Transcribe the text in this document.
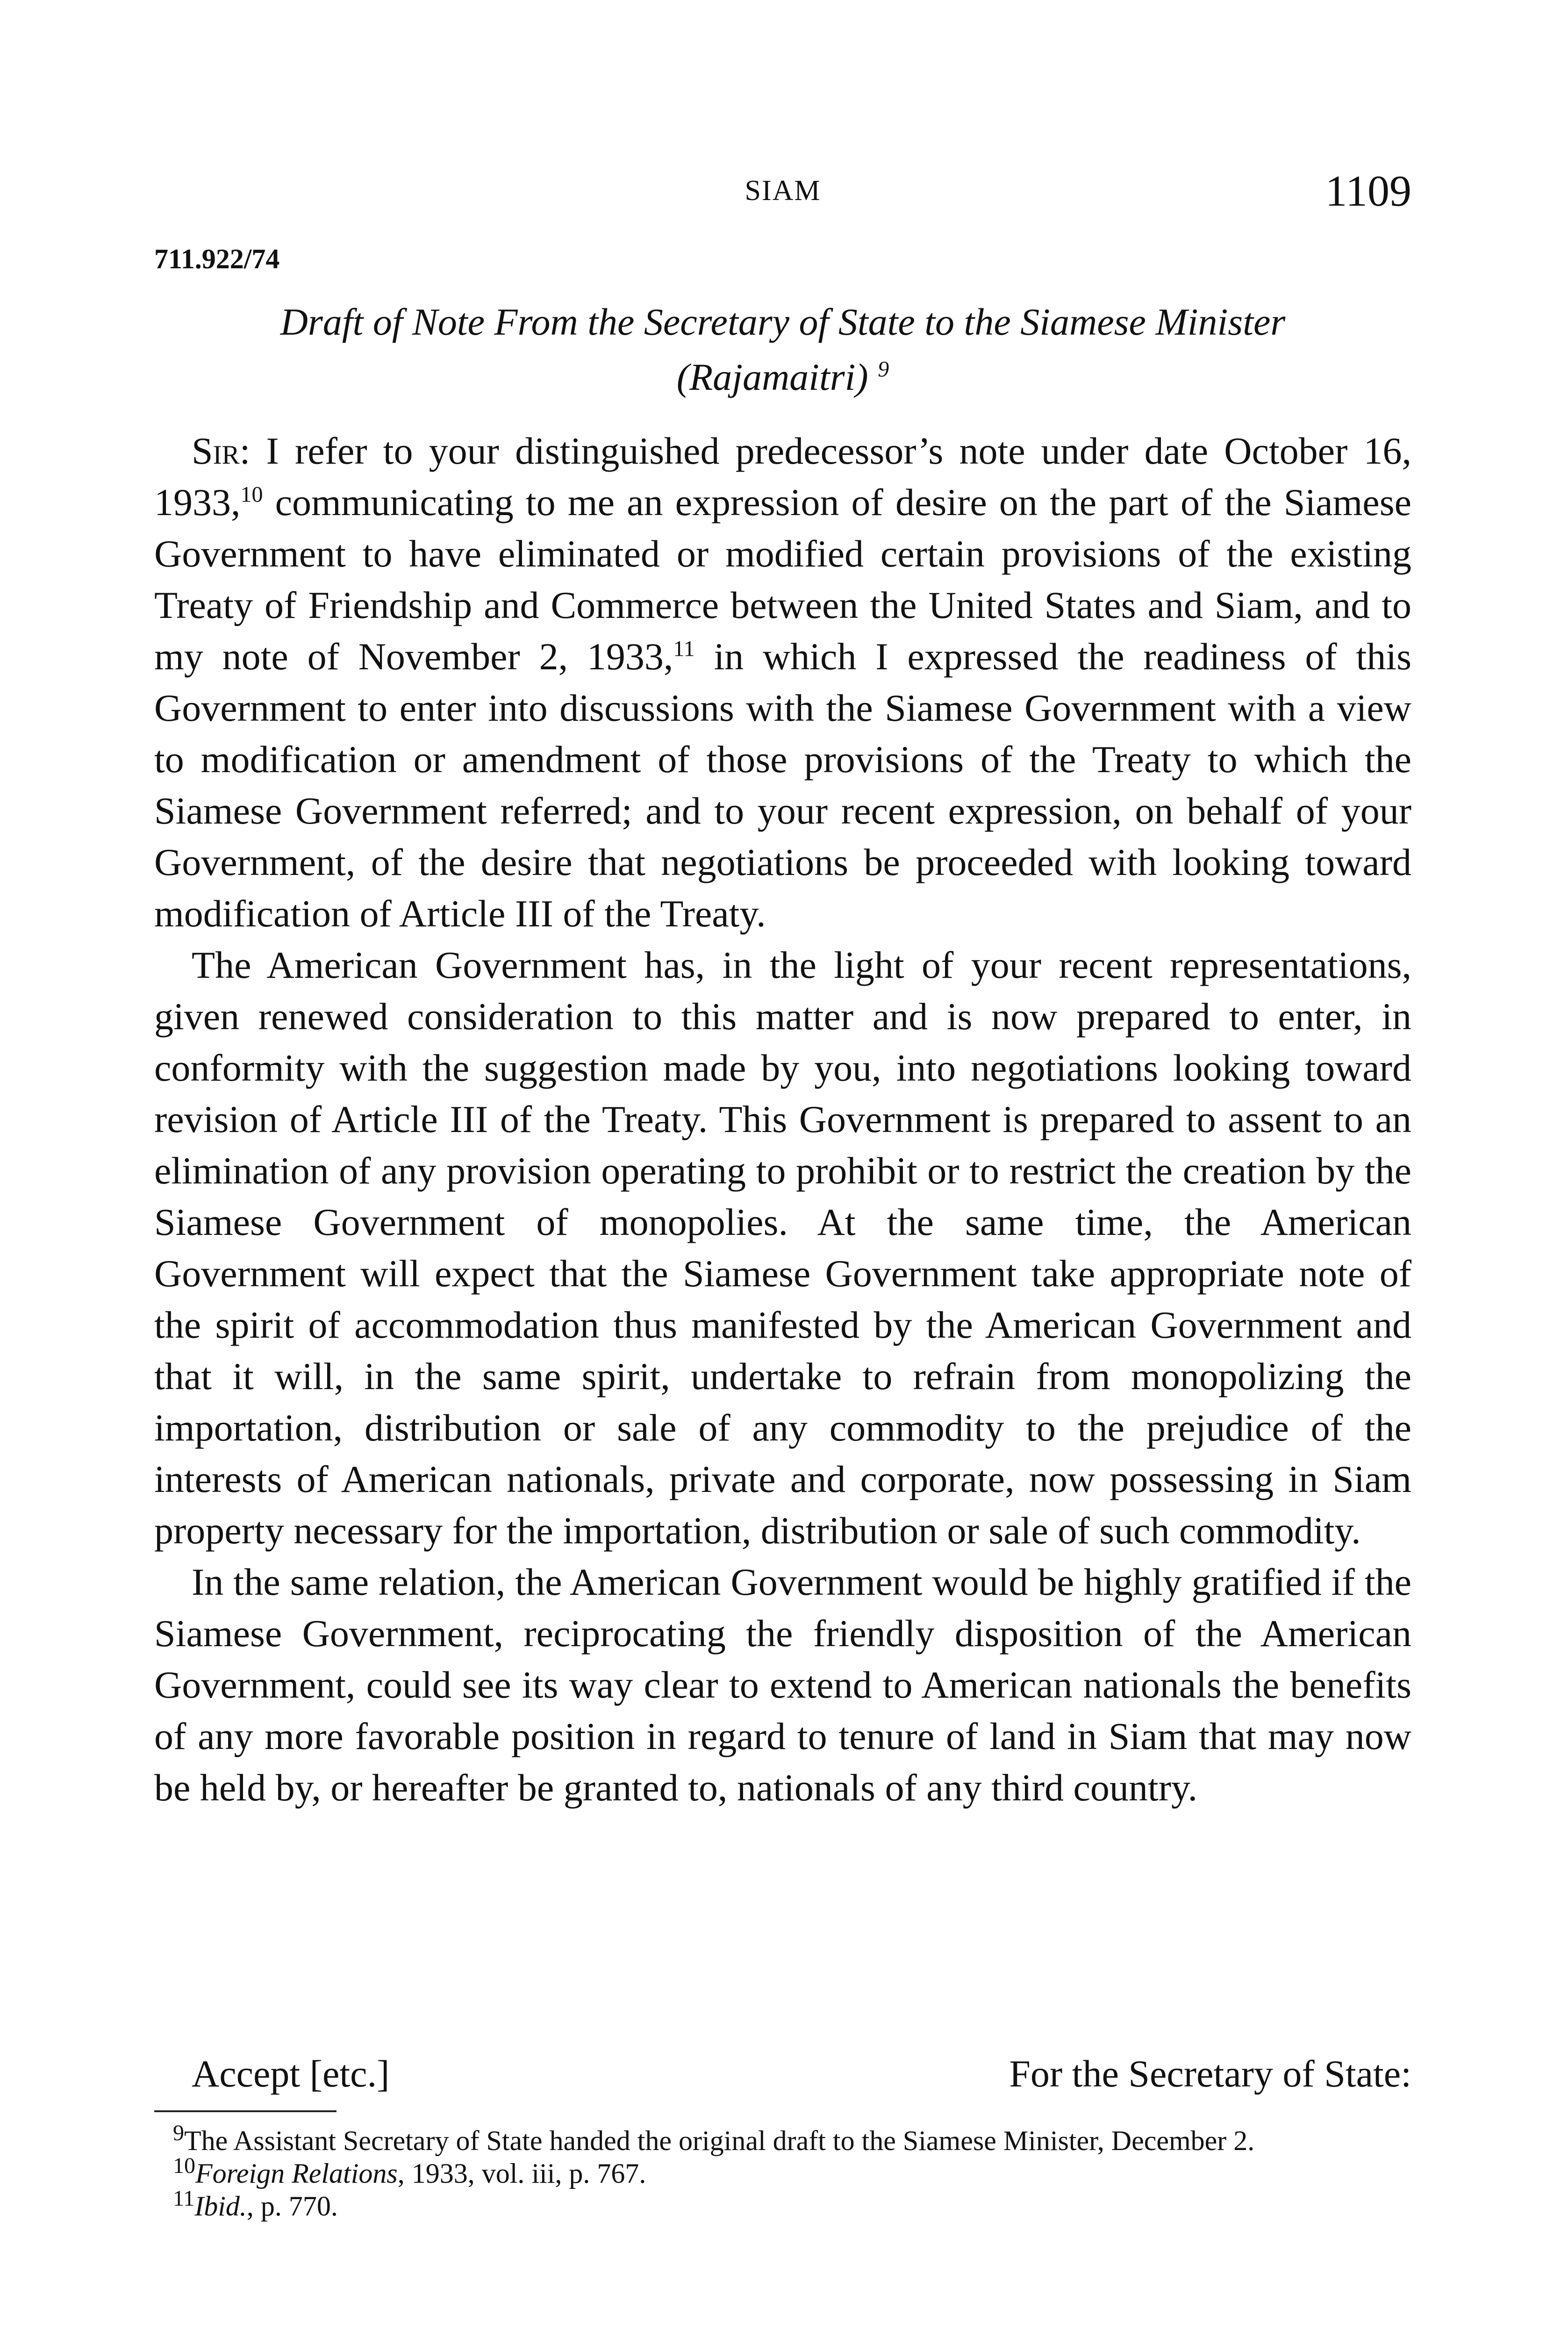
SIAM	1109
711.922/74
Draft of Note From the Secretary of State to the Siamese Minister
(Rajamaitri) $^9$

Sir: I refer to your distinguished predecessor’s note under date October 16, 1933,10 communicating to me an expression of desire on the part of the Siamese Government to have eliminated or modified certain provisions of the existing Treaty of Friendship and Commerce between the United States and Siam, and to my note of November 2, 1933,11 in which I expressed the readiness of this Government to enter into discussions with the Siamese Government with a view to modification or amendment of those provisions of the Treaty to which the Siamese Government referred; and to your recent expression, on behalf of your Government, of the desire that negotiations be proceeded with looking toward modification of Article III of the Treaty.

The American Government has, in the light of your recent representations, given renewed consideration to this matter and is now prepared to enter, in conformity with the suggestion made by you, into negotiations looking toward revision of Article III of the Treaty. This Government is prepared to assent to an elimination of any provision operating to prohibit or to restrict the creation by the Siamese Government of monopolies. At the same time, the American Government will expect that the Siamese Government take appropriate note of the spirit of accommodation thus manifested by the American Government and that it will, in the same spirit, undertake to refrain from monopolizing the importation, distribution or sale of any commodity to the prejudice of the interests of American nationals, private and corporate, now possessing in Siam property necessary for the importation, distribution or sale of such commodity.

In the same relation, the American Government would be highly gratified if the Siamese Government, reciprocating the friendly disposition of the American Government, could see its way clear to extend to American nationals the benefits of any more favorable position in regard to tenure of land in Siam that may now be held by, or hereafter be granted to, nationals of any third country.

Accept [etc.]	For the Secretary of State:

$^9$The Assistant Secretary of State handed the original draft to the Siamese Minister, December 2.

$^{10}$Foreign Relations, 1933, vol. iii, p. 767.

$^{11}$Ibid., p. 770.
